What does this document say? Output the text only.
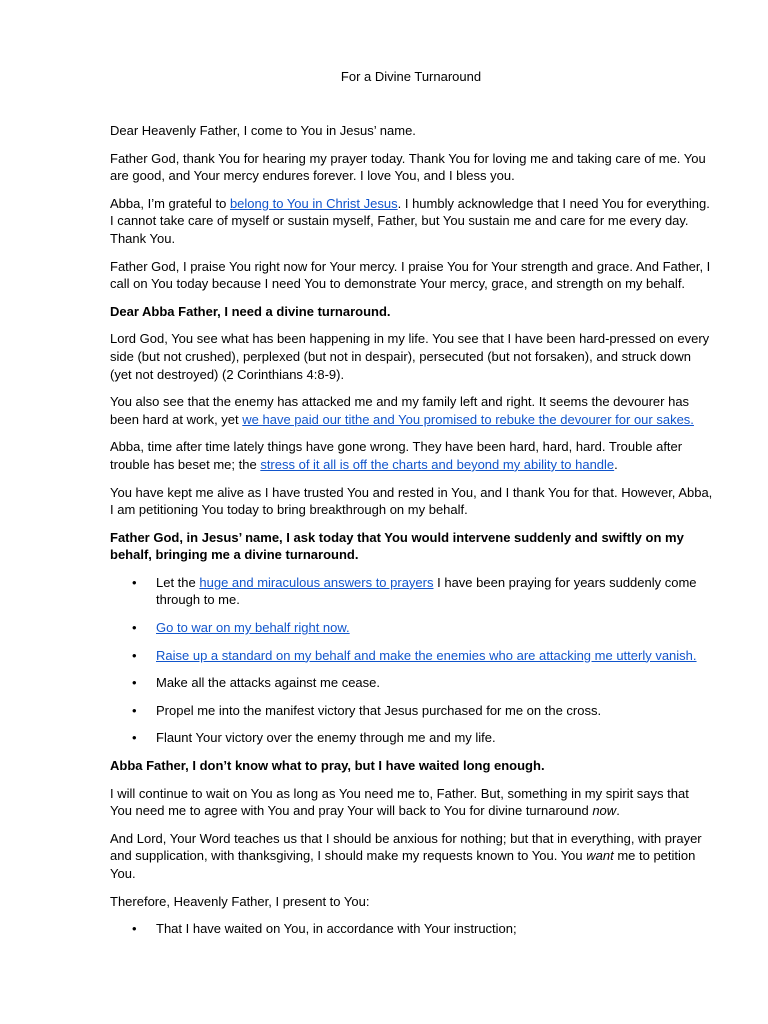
For a Divine Turnaround

Dear Heavenly Father, I come to You in Jesus’ name.

Father God, thank You for hearing my prayer today. Thank You for loving me and taking care of me. You are good, and Your mercy endures forever. I love You, and I bless you.

Abba, I’m grateful to belong to You in Christ Jesus. I humbly acknowledge that I need You for everything. I cannot take care of myself or sustain myself, Father, but You sustain me and care for me every day. Thank You.

Father God, I praise You right now for Your mercy. I praise You for Your strength and grace. And Father, I call on You today because I need You to demonstrate Your mercy, grace, and strength on my behalf.

Dear Abba Father, I need a divine turnaround.

Lord God, You see what has been happening in my life. You see that I have been hard-pressed on every side (but not crushed), perplexed (but not in despair), persecuted (but not forsaken), and struck down (yet not destroyed) (2 Corinthians 4:8-9).

You also see that the enemy has attacked me and my family left and right. It seems the devourer has been hard at work, yet we have paid our tithe and You promised to rebuke the devourer for our sakes.

Abba, time after time lately things have gone wrong. They have been hard, hard, hard. Trouble after trouble has beset me; the stress of it all is off the charts and beyond my ability to handle.

You have kept me alive as I have trusted You and rested in You, and I thank You for that. However, Abba, I am petitioning You today to bring breakthrough on my behalf.

Father God, in Jesus’ name, I ask today that You would intervene suddenly and swiftly on my behalf, bringing me a divine turnaround.

• Let the huge and miraculous answers to prayers I have been praying for years suddenly come through to me.
• Go to war on my behalf right now.
• Raise up a standard on my behalf and make the enemies who are attacking me utterly vanish.
• Make all the attacks against me cease.
• Propel me into the manifest victory that Jesus purchased for me on the cross.
• Flaunt Your victory over the enemy through me and my life.

Abba Father, I don’t know what to pray, but I have waited long enough.

I will continue to wait on You as long as You need me to, Father. But, something in my spirit says that You need me to agree with You and pray Your will back to You for divine turnaround now.

And Lord, Your Word teaches us that I should be anxious for nothing; but that in everything, with prayer and supplication, with thanksgiving, I should make my requests known to You. You want me to petition You.

Therefore, Heavenly Father, I present to You:

• That I have waited on You, in accordance with Your instruction;
